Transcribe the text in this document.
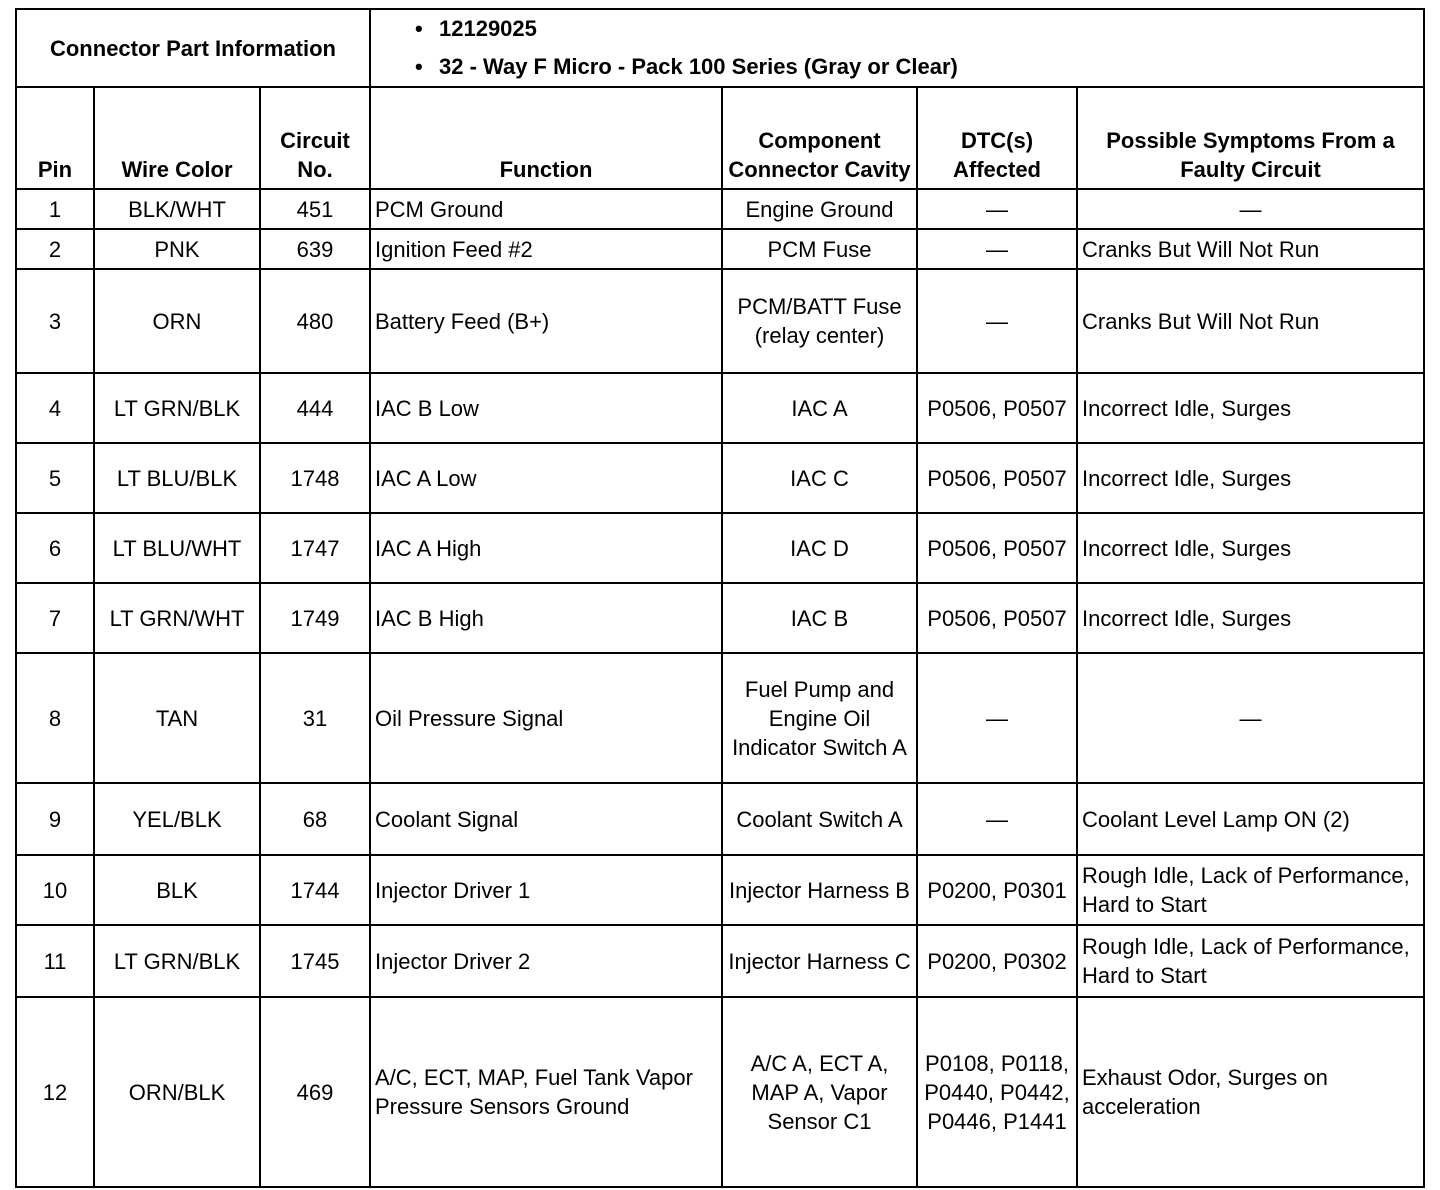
Connector Part Information			• 12129025
• 32 - Way F Micro - Pack 100 Series (Gray or Clear)			

Pin	Wire Color	Circuit No.	Function	Component Connector Cavity	DTC(s) Affected	Possible Symptoms From a Faulty Circuit
1	BLK/WHT	451	PCM Ground	Engine Ground	—	—
2	PNK	639	Ignition Feed #2	PCM Fuse	—	Cranks But Will Not Run
3	ORN	480	Battery Feed (B+)	PCM/BATT Fuse (relay center)	—	Cranks But Will Not Run
4	LT GRN/BLK	444	IAC B Low	IAC A	P0506, P0507	Incorrect Idle, Surges
5	LT BLU/BLK	1748	IAC A Low	IAC C	P0506, P0507	Incorrect Idle, Surges
6	LT BLU/WHT	1747	IAC A High	IAC D	P0506, P0507	Incorrect Idle, Surges
7	LT GRN/WHT	1749	IAC B High	IAC B	P0506, P0507	Incorrect Idle, Surges
8	TAN	31	Oil Pressure Signal	Fuel Pump and Engine Oil Indicator Switch A	—	—
9	YEL/BLK	68	Coolant Signal	Coolant Switch A	—	Coolant Level Lamp ON (2)
10	BLK	1744	Injector Driver 1	Injector Harness B	P0200, P0301	Rough Idle, Lack of Performance, Hard to Start
11	LT GRN/BLK	1745	Injector Driver 2	Injector Harness C	P0200, P0302	Rough Idle, Lack of Performance, Hard to Start
12	ORN/BLK	469	A/C, ECT, MAP, Fuel Tank Vapor Pressure Sensors Ground	A/C A, ECT A, MAP A, Vapor Sensor C1	P0108, P0118, P0440, P0442, P0446, P1441	Exhaust Odor, Surges on acceleration
